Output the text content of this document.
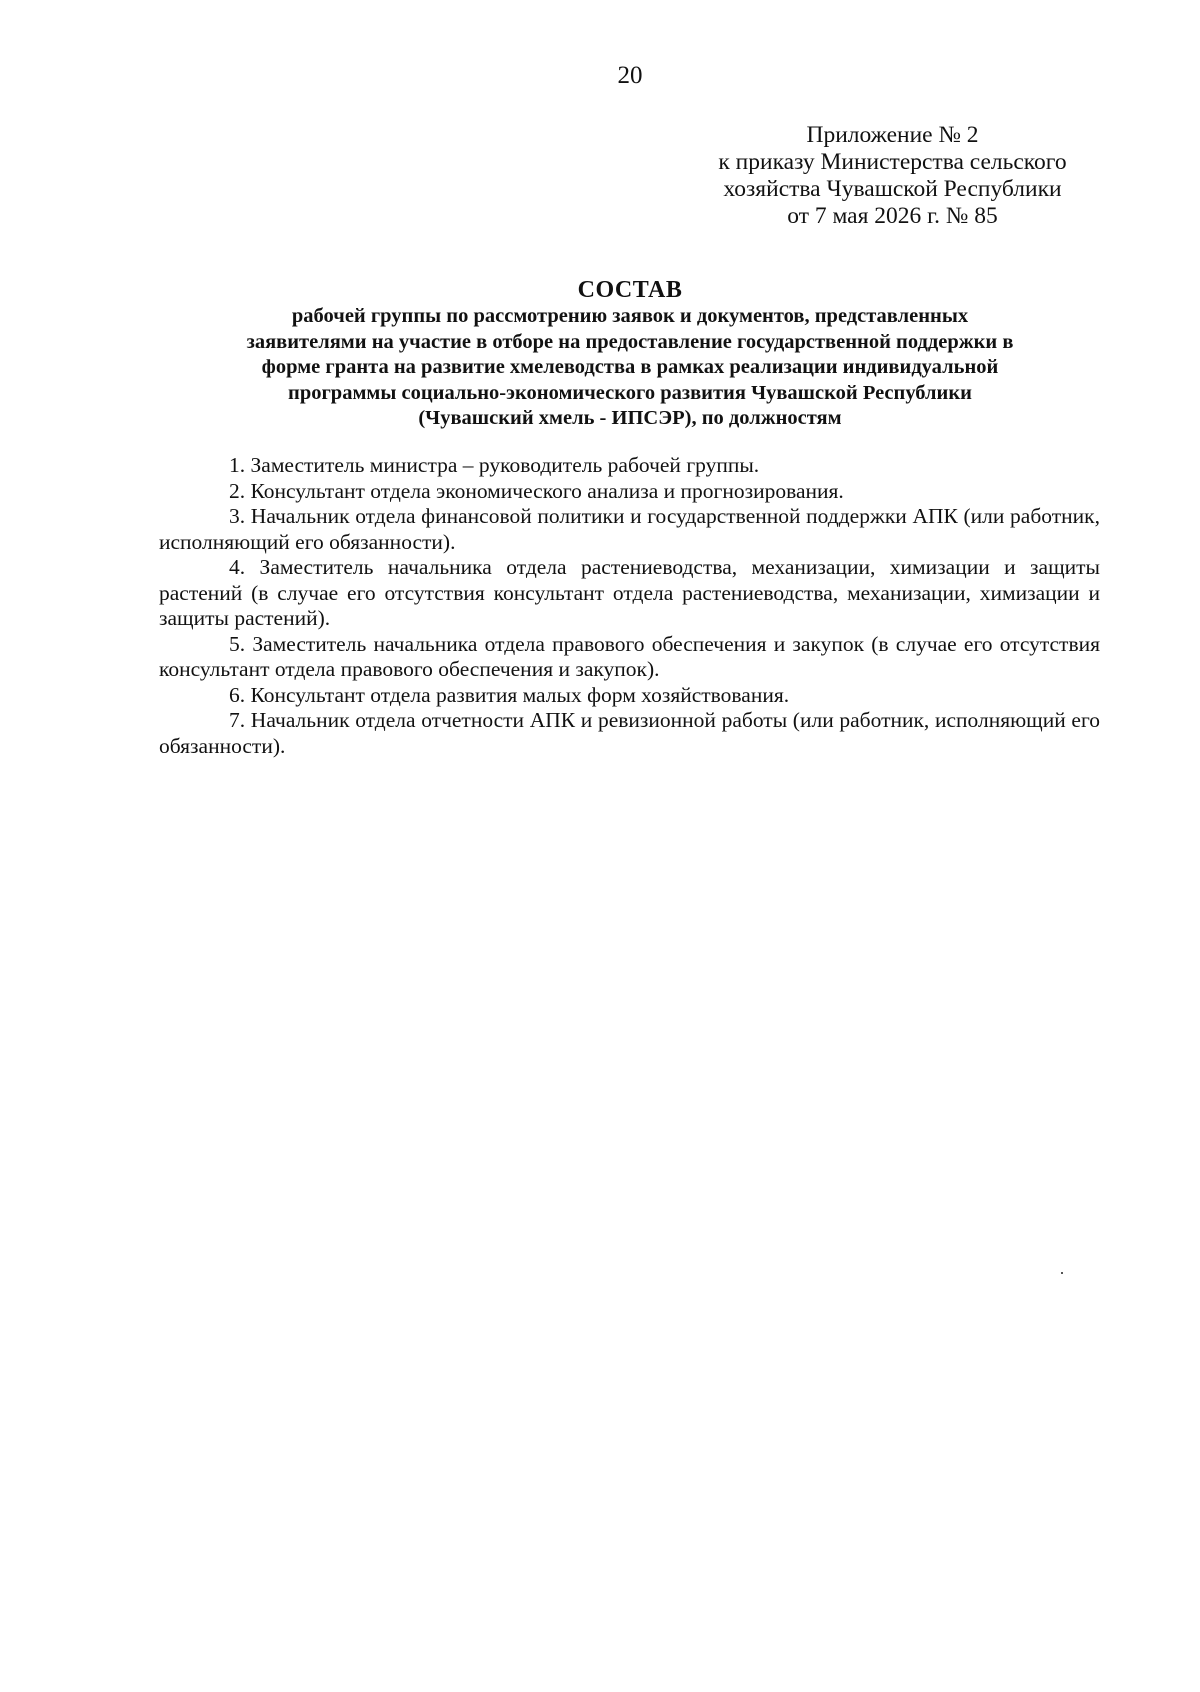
20
Приложение № 2
к приказу Министерства сельского
хозяйства Чувашской Республики
от 7 мая 2026 г. № 85
СОСТАВ
рабочей группы по рассмотрению заявок и документов, представленных
заявителями на участие в отборе на предоставление государственной поддержки в
форме гранта на развитие хмелеводства в рамках реализации индивидуальной
программы социально-экономического развития Чувашской Республики
(Чувашский хмель - ИПСЭР), по должностям

1. Заместитель министра – руководитель рабочей группы.

2. Консультант отдела экономического анализа и прогнозирования.

3. Начальник отдела финансовой политики и государственной поддержки АПК (или работник, исполняющий его обязанности).

4. Заместитель начальника отдела растениеводства, механизации, химизации и защиты растений (в случае его отсутствия консультант отдела растениеводства, механизации, химизации и защиты растений).

5. Заместитель начальника отдела правового обеспечения и закупок (в случае его отсутствия консультант отдела правового обеспечения и закупок).

6. Консультант отдела развития малых форм хозяйствования.

7. Начальник отдела отчетности АПК и ревизионной работы (или работник, исполняющий его обязанности).
